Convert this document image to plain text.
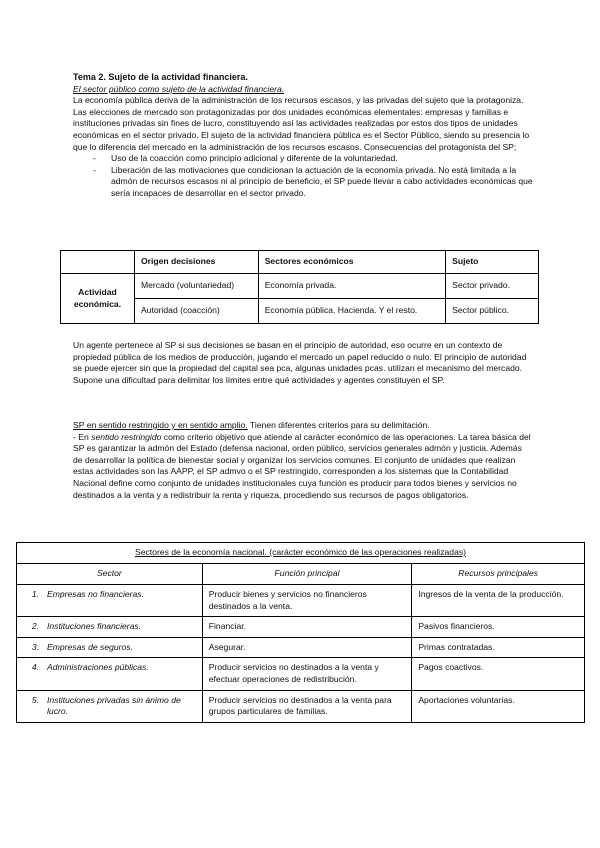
Tema 2. Sujeto de la actividad financiera.

El sector público como sujeto de la actividad financiera.

La economía pública deriva de la administración de los recursos escasos, y las privadas del sujeto que la protagoniza. Las elecciones de mercado son protagonizadas por dos unidades económicas elementales: empresas y familias e instituciones privadas sin fines de lucro, constituyendo así las actividades realizadas por estos dos tipos de unidades económicas en el sector privado. El sujeto de la actividad financiera pública es el Sector Público, siendo su presencia lo que lo diferencia del mercado en la administración de los recursos escasos. Consecuencias del protagonista del SP;

- Uso de la coacción como principio adicional y diferente de la voluntariedad.
- Liberación de las motivaciones que condicionan la actuación de la economía privada. No está limitada a la admón de recursos escasos ni al principio de beneficio, el SP puede llevar a cabo actividades económicas que sería incapaces de desarrollar en el sector privado.
	Origen decisiones	Sectores económicos	Sujeto
Actividad económica.	Mercado (voluntariedad)	Economía privada.	Sector privado.
	Autoridad (coacción)	Economía pública. Hacienda. Y el resto.	Sector público.

Un agente pertenece al SP si sus decisiones se basan en el principio de autoridad, eso ocurre en un contexto de propiedad pública de los medios de producción, jugando el mercado un papel reducido o nulo. El principio de autoridad se puede ejercer sin que la propiedad del capital sea pca, algunas unidades pcas. utilizan el mecanismo del mercado. Supone una dificultad para delimitar los límites entre qué actividades y agentes constituyen el SP.

SP en sentido restringido y en sentido amplio. Tienen diferentes criterios para su delimitación.
- En sentido restringido como criterio objetivo que atiende al carácter económico de las operaciones. La tarea básica del SP es garantizar la admón del Estado (defensa nacional, orden público, servicios generales admón y justicia. Además de desarrollar la política de bienestar social y organizar los servicios comunes. El conjunto de unidades que realizan estas actividades son las AAPP, el SP admvo o el SP restringido, corresponden a los sistemas que la Contabilidad Nacional define como conjunto de unidades institucionales cuya función es producir para todos bienes y servicios no destinados a la venta y a redistribuir la renta y riqueza, procediendo sus recursos de pagos obligatorios.

Sectores de la economía nacional. (carácter económico de las operaciones realizadas)		
Sector	Función principal	Recursos principales

1. Empresas no financieras.	Producir bienes y servicios no financieros destinados a la venta.	Ingresos de la venta de la producción.

2. Instituciones financieras.	Financiar.	Pasivos financieros.

3. Empresas de seguros.	Asegurar.	Primas contratadas.

4. Administraciones públicas.	Producir servicios no destinados a la venta y efectuar operaciones de redistribución.	Pagos coactivos.

5. Instituciones privadas sin ánimo de lucro.	Producir servicios no destinados a la venta para grupos particulares de familias.	Aportaciones voluntarias.
